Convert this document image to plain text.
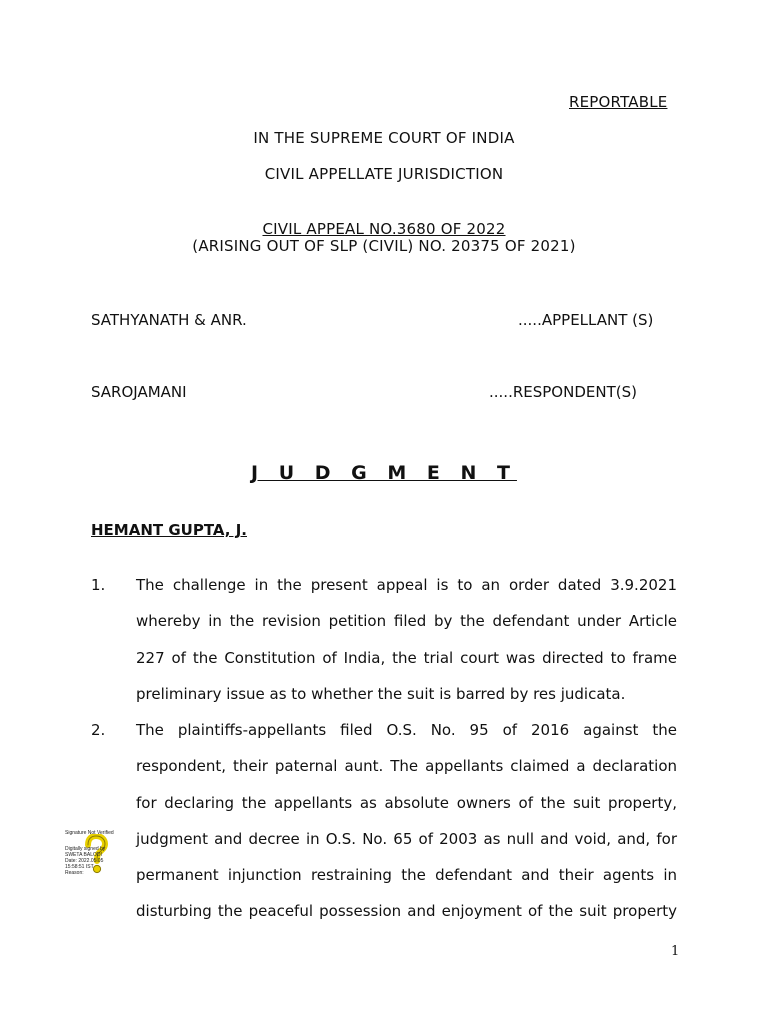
REPORTABLE
IN THE SUPREME COURT OF INDIA
CIVIL APPELLATE JURISDICTION
CIVIL APPEAL NO.3680 OF 2022
(ARISING OUT OF SLP (CIVIL) NO. 20375 OF 2021)
SATHYANATH & ANR.	.....APPELLANT (S)
SAROJAMANI	.....RESPONDENT(S)
J U D G M E N T
HEMANT GUPTA, J.
1. The challenge in the present appeal is to an order dated 3.9.2021
whereby in the revision petition filed by the defendant under Article
227 of the Constitution of India, the trial court was directed to frame
preliminary issue as to whether the suit is barred by res judicata.
2. The plaintiffs-appellants filed O.S. No. 95 of 2016 against the
respondent, their paternal aunt. The appellants claimed a declaration
for declaring the appellants as absolute owners of the suit property,
judgment and decree in O.S. No. 65 of 2003 as null and void, and, for
permanent injunction restraining the defendant and their agents in
disturbing the peaceful possession and enjoyment of the suit property
Signature Not Verified
Digitally signed by
SWETA BALODI
Date: 2022.05.05
15:58:51 IST
Reason:
1
